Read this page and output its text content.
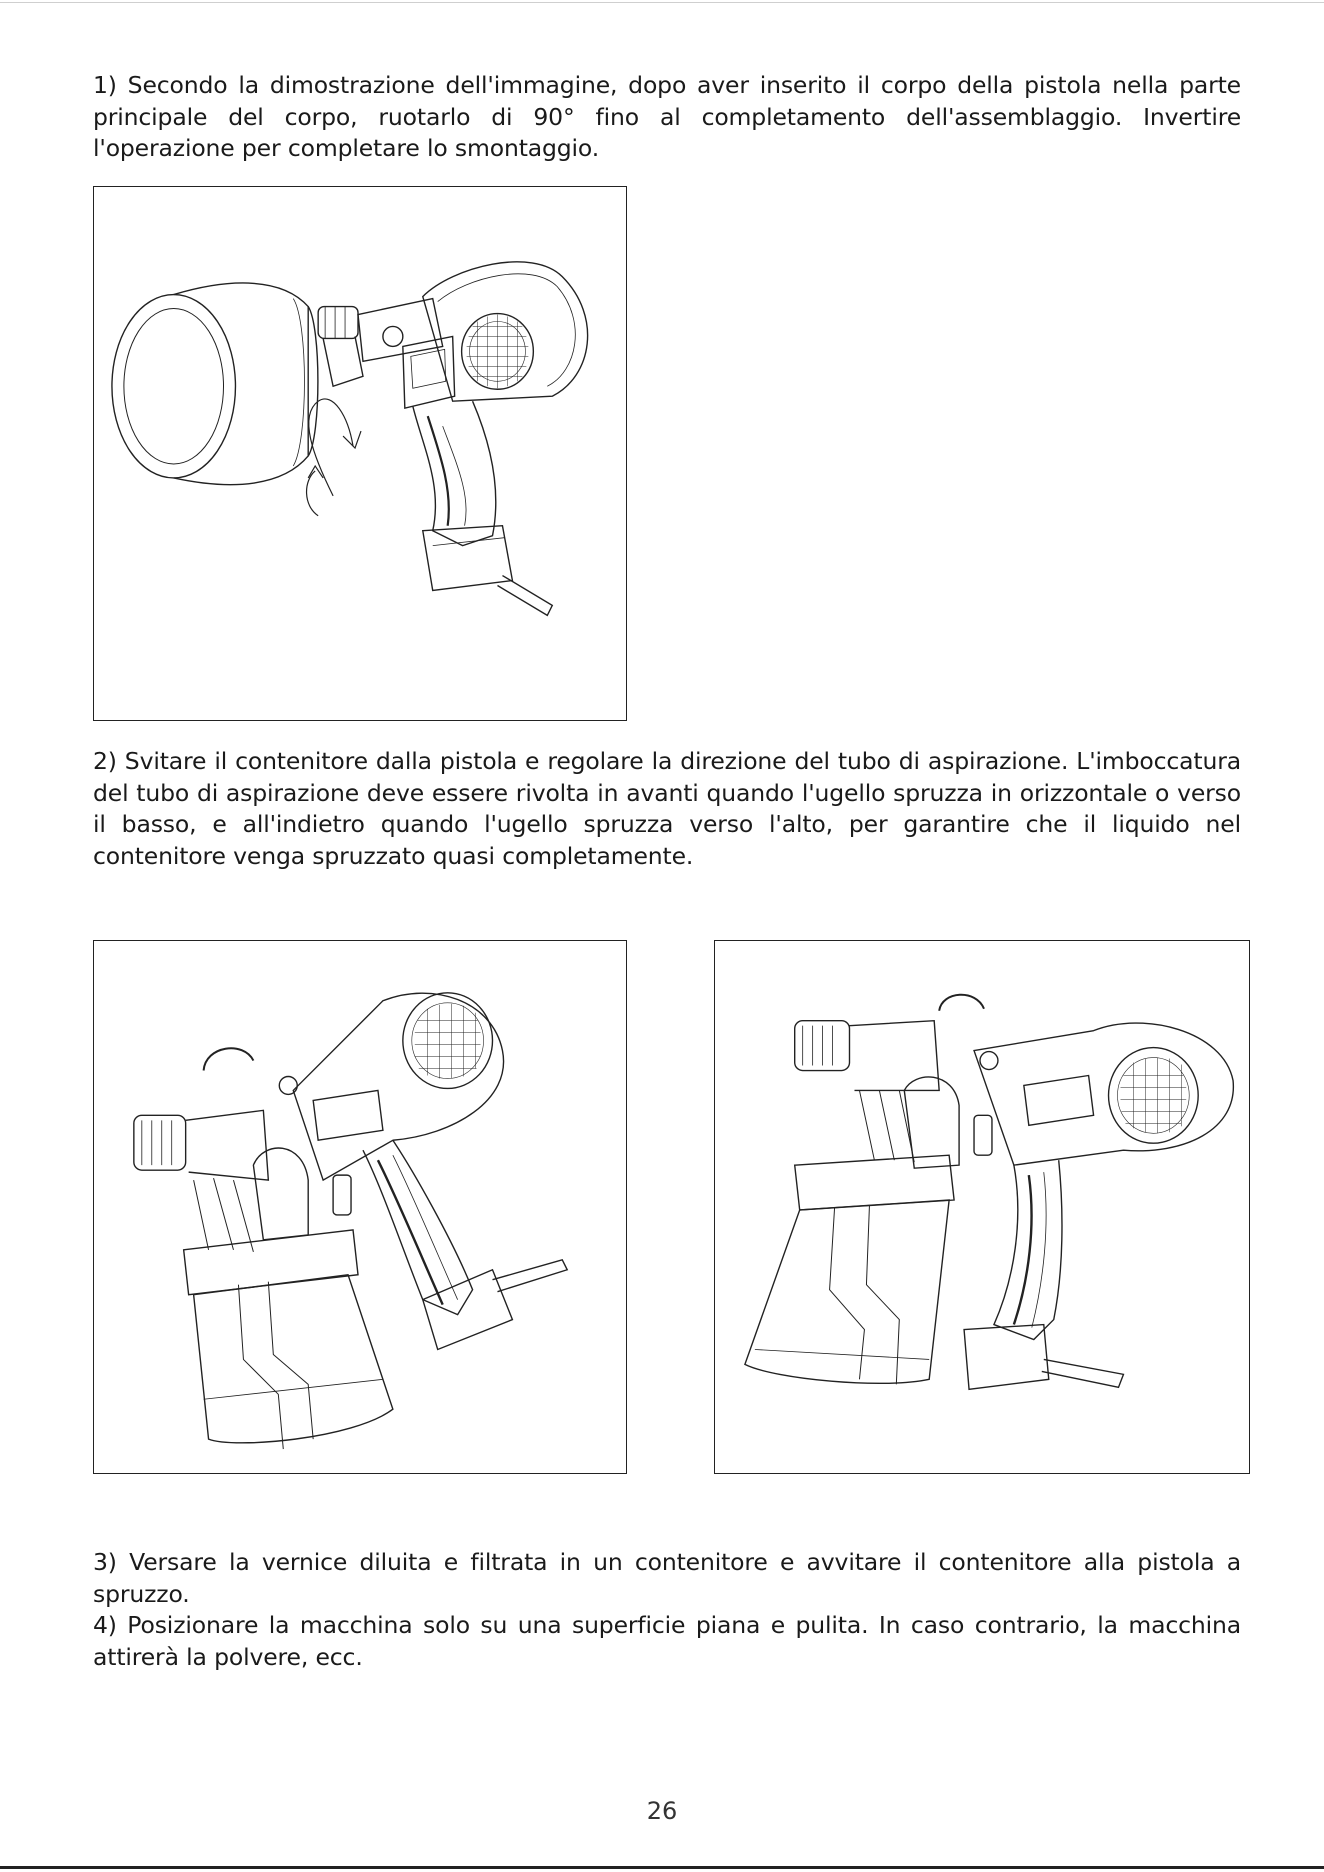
1) Secondo la dimostrazione dell'immagine, dopo aver inserito il corpo della pistola nella parte principale del corpo, ruotarlo di 90° fino al completamento dell'assemblaggio. Invertire l'operazione per completare lo smontaggio.

2) Svitare il contenitore dalla pistola e regolare la direzione del tubo di aspirazione. L'imboccatura del tubo di aspirazione deve essere rivolta in avanti quando l'ugello spruzza in orizzontale o verso il basso, e all'indietro quando l'ugello spruzza verso l'alto, per garantire che il liquido nel contenitore venga spruzzato quasi completamente.

3) Versare la vernice diluita e filtrata in un contenitore e avvitare il contenitore alla pistola a spruzzo.

4) Posizionare la macchina solo su una superficie piana e pulita. In caso contrario, la macchina attirerà la polvere, ecc.

26
